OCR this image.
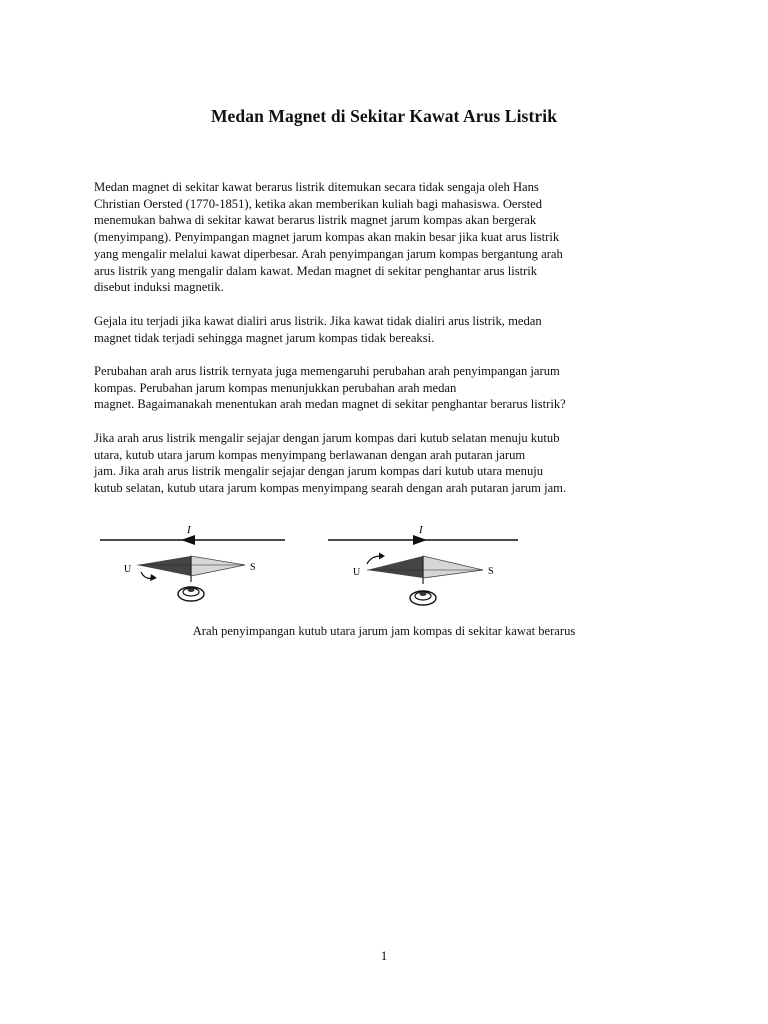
Medan Magnet di Sekitar Kawat Arus Listrik
Medan magnet di sekitar kawat berarus listrik ditemukan secara tidak sengaja oleh Hans
Christian Oersted (1770-1851), ketika akan memberikan kuliah bagi mahasiswa. Oersted
menemukan bahwa di sekitar kawat berarus listrik magnet jarum kompas akan bergerak
(menyimpang). Penyimpangan magnet jarum kompas akan makin besar jika kuat arus listrik
yang mengalir melalui kawat diperbesar. Arah penyimpangan jarum kompas bergantung arah
arus listrik yang mengalir dalam kawat. Medan magnet di sekitar penghantar arus listrik
disebut induksi magnetik.
Gejala itu terjadi jika kawat dialiri arus listrik. Jika kawat tidak dialiri arus listrik, medan
magnet tidak terjadi sehingga magnet jarum kompas tidak bereaksi.
Perubahan arah arus listrik ternyata juga memengaruhi perubahan arah penyimpangan jarum
kompas. Perubahan jarum kompas menunjukkan perubahan arah medan
magnet. Bagaimanakah menentukan arah medan magnet di sekitar penghantar berarus listrik?
Jika arah arus listrik mengalir sejajar dengan jarum kompas dari kutub selatan menuju kutub
utara, kutub utara jarum kompas menyimpang berlawanan dengan arah putaran jarum
jam. Jika arah arus listrik mengalir sejajar dengan jarum kompas dari kutub utara menuju
kutub selatan, kutub utara jarum kompas menyimpang searah dengan arah putaran jarum jam.
I
U	S
I
U	S
Arah penyimpangan kutub utara jarum jam kompas di sekitar kawat berarus
1
